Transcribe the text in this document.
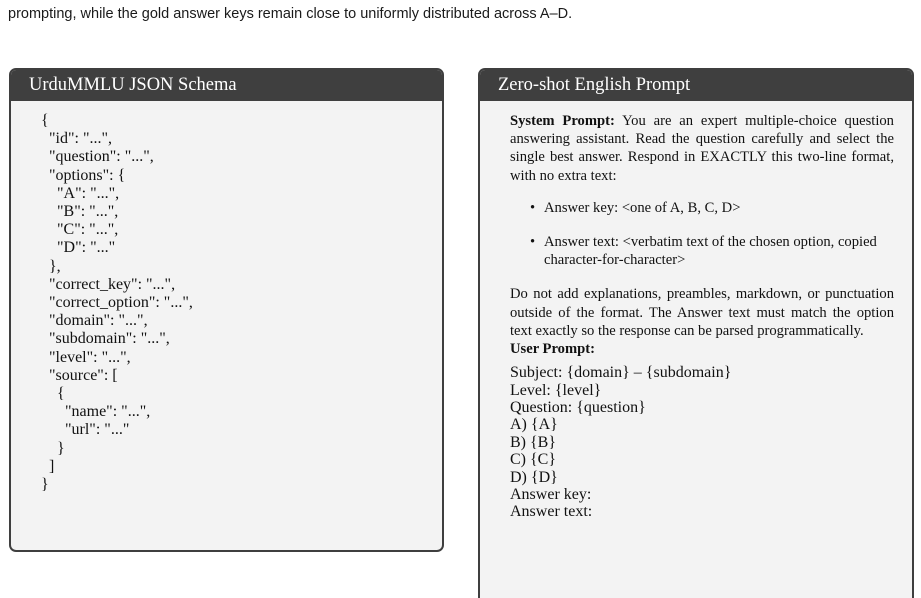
prompting, while the gold answer keys remain close to uniformly distributed across A–D.
UrduMMLU JSON Schema
{
"id": "...",
"question": "...",
"options": {
"A": "...",
"B": "...",
"C": "...",
"D": "..."
},
"correct_key": "...",
"correct_option": "...",
"domain": "...",
"subdomain": "...",
"level": "...",
"source": [
{
"name": "...",
"url": "..."
}
]
}
Zero-shot English Prompt

System Prompt: You are an expert multiple-choice question answering assistant. Read the question carefully and select the single best answer. Respond in EXACTLY this two-line format, with no extra text:

• Answer key: <one of A, B, C, D>
• Answer text: <verbatim text of the chosen option, copied character-for-character>

Do not add explanations, preambles, markdown, or punctuation outside of the format. The Answer text must match the option text exactly so the response can be parsed programmatically.

User Prompt:

Subject: {domain} – {subdomain}
Level: {level}
Question: {question}
A) {A}
B) {B}
C) {C}
D) {D}
Answer key:
Answer text:
